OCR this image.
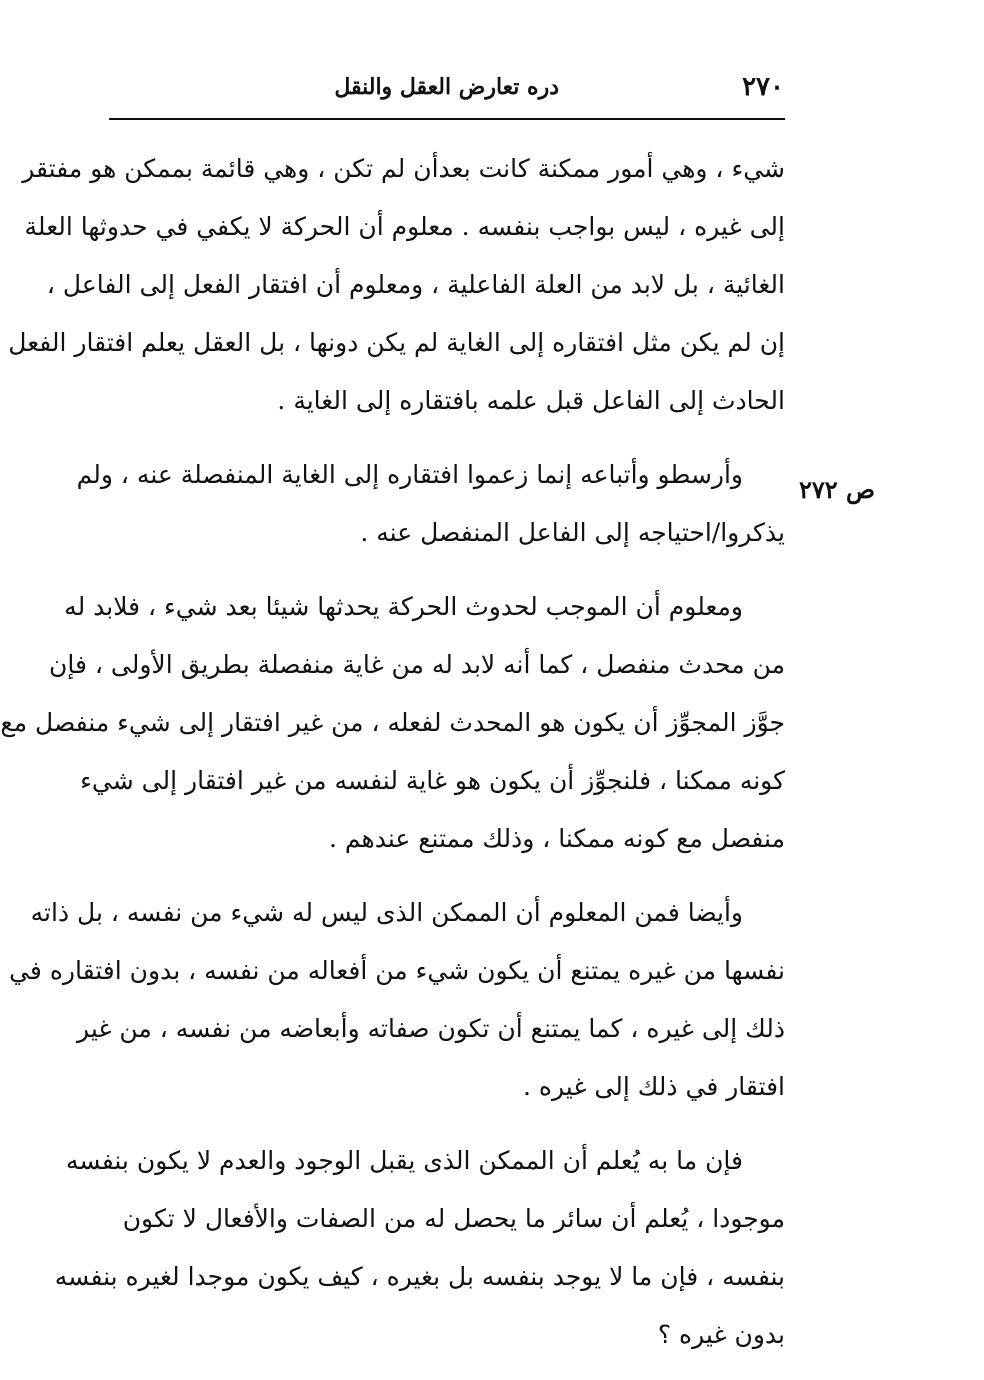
٢٧٠
دره تعارض العقل والنقل
ص ٢٧٢
شيء ، وهي أمور ممكنة كانت بعدأن لم تكن ، وهي قائمة بممكن هو مفتقر
إلى غيره ، ليس بواجب بنفسه . معلوم أن الحركة لا يكفي في حدوثها العلة
الغائية ، بل لابد من العلة الفاعلية ، ومعلوم أن افتقار الفعل إلى الفاعل ،
إن لم يكن مثل افتقاره إلى الغاية لم يكن دونها ، بل العقل يعلم افتقار الفعل
الحادث إلى الفاعل قبل علمه بافتقاره إلى الغاية .
وأرسطو وأتباعه إنما زعموا افتقاره إلى الغاية المنفصلة عنه ، ولم
يذكروا/احتياجه إلى الفاعل المنفصل عنه .
ومعلوم أن الموجب لحدوث الحركة يحدثها شيئا بعد شيء ، فلابد له
من محدث منفصل ، كما أنه لابد له من غاية منفصلة بطريق الأولى ، فإن
جوَّز المجوِّز أن يكون هو المحدث لفعله ، من غير افتقار إلى شيء منفصل مع
كونه ممكنا ، فلنجوِّز أن يكون هو غاية لنفسه من غير افتقار إلى شيء
منفصل مع كونه ممكنا ، وذلك ممتنع عندهم .
وأيضا فمن المعلوم أن الممكن الذى ليس له شيء من نفسه ، بل ذاته
نفسها من غيره يمتنع أن يكون شيء من أفعاله من نفسه ، بدون افتقاره في
ذلك إلى غيره ، كما يمتنع أن تكون صفاته وأبعاضه من نفسه ، من غير
افتقار في ذلك إلى غيره .
فإن ما به يُعلم أن الممكن الذى يقبل الوجود والعدم لا يكون بنفسه
موجودا ، يُعلم أن سائر ما يحصل له من الصفات والأفعال لا تكون
بنفسه ، فإن ما لا يوجد بنفسه بل بغيره ، كيف يكون موجدا لغيره بنفسه
بدون غيره ؟
